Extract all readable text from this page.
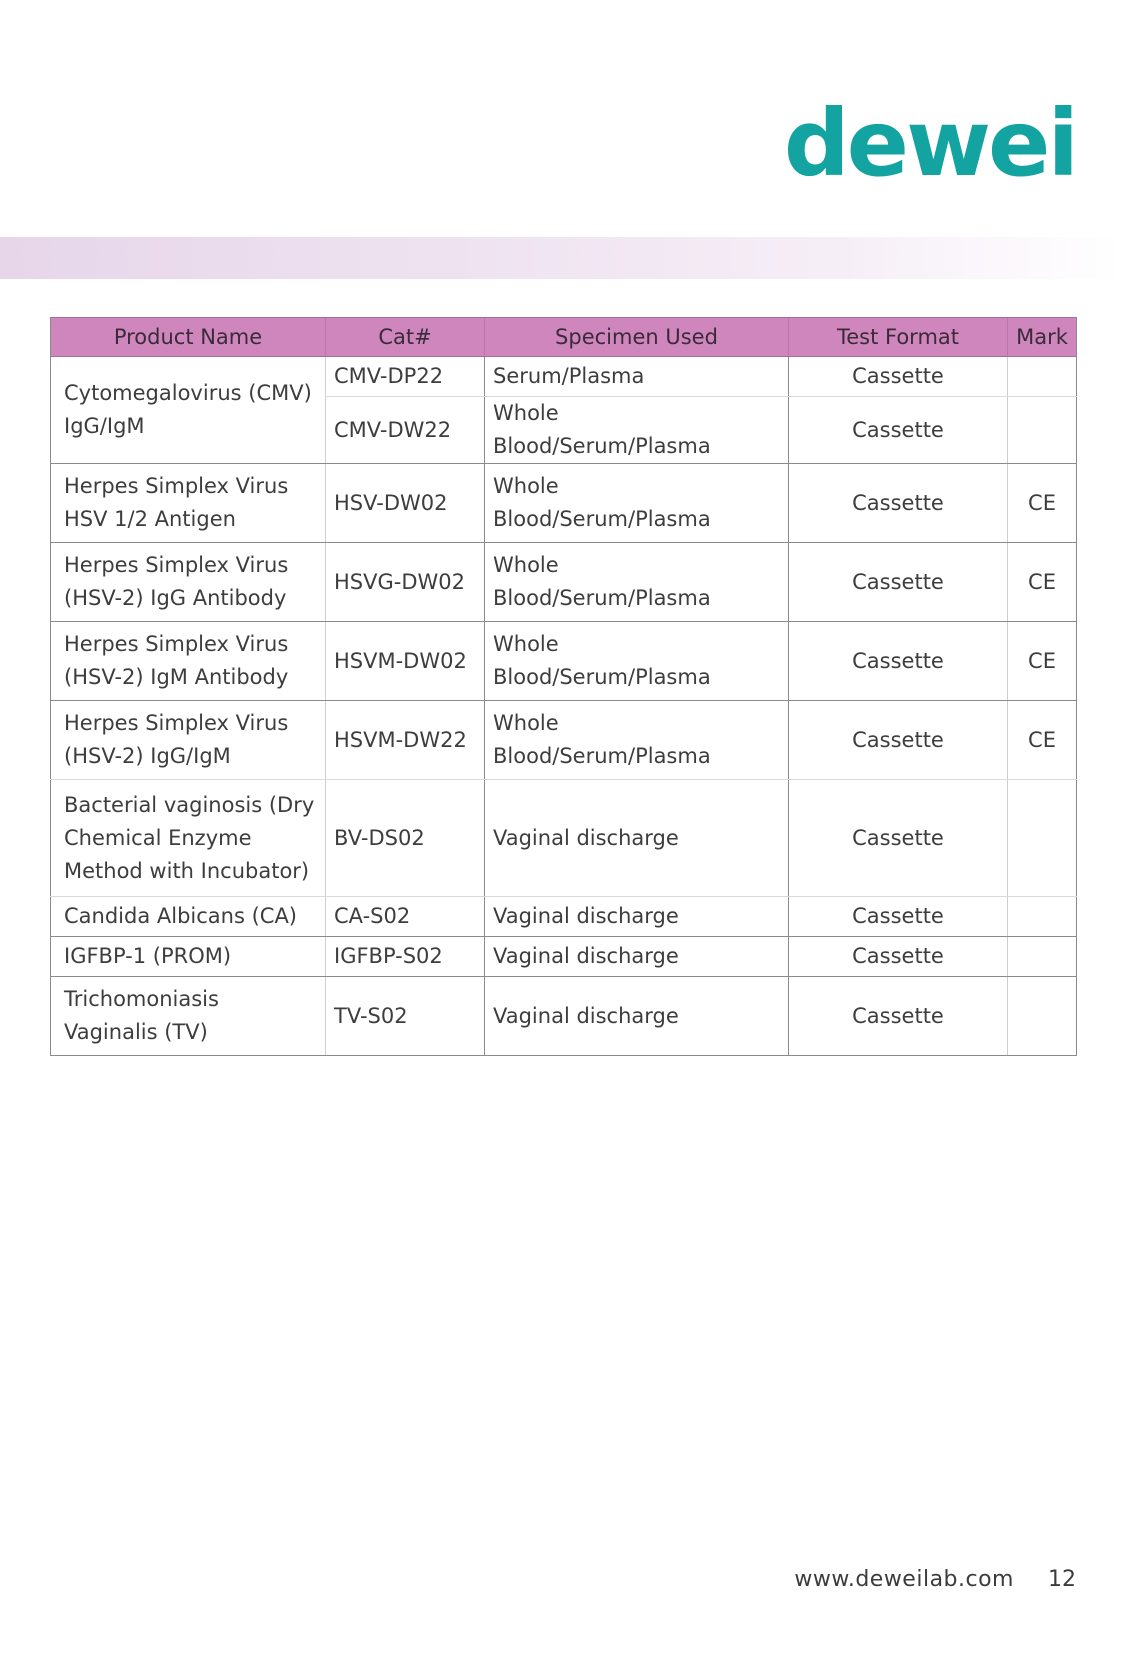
dewei
Product Name	Cat#	Specimen Used	Test Format	Mark
Cytomegalovirus (CMV) IgG/IgM	CMV-DP22	Serum/Plasma	Cassette	
	CMV-DW22	Whole Blood/Serum/Plasma	Cassette	
Herpes Simplex Virus HSV 1/2 Antigen	HSV-DW02	Whole Blood/Serum/Plasma	Cassette	CE
Herpes Simplex Virus (HSV-2) IgG Antibody	HSVG-DW02	Whole Blood/Serum/Plasma	Cassette	CE
Herpes Simplex Virus (HSV-2) IgM Antibody	HSVM-DW02	Whole Blood/Serum/Plasma	Cassette	CE
Herpes Simplex Virus (HSV-2) IgG/IgM	HSVM-DW22	Whole Blood/Serum/Plasma	Cassette	CE
Bacterial vaginosis (Dry Chemical Enzyme Method with Incubator)	BV-DS02	Vaginal discharge	Cassette	
Candida Albicans (CA)	CA-S02	Vaginal discharge	Cassette	
IGFBP-1 (PROM)	IGFBP-S02	Vaginal discharge	Cassette	
Trichomoniasis Vaginalis (TV)	TV-S02	Vaginal discharge	Cassette	
www.deweilab.com 12
